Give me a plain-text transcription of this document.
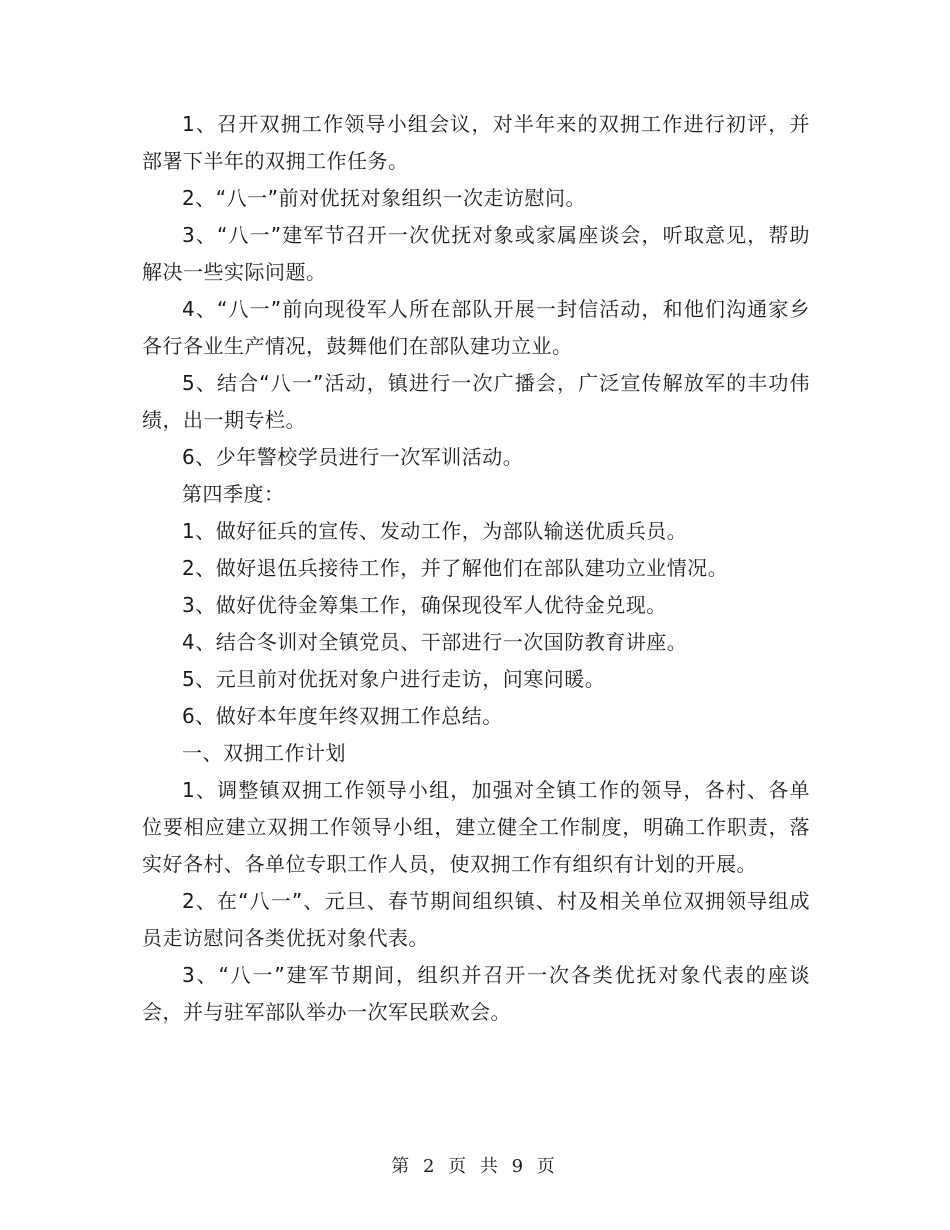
1、召开双拥工作领导小组会议，对半年来的双拥工作进行初评，并部署下半年的双拥工作任务。

2、“八一”前对优抚对象组织一次走访慰问。

3、“八一”建军节召开一次优抚对象或家属座谈会，听取意见，帮助解决一些实际问题。

4、“八一”前向现役军人所在部队开展一封信活动，和他们沟通家乡各行各业生产情况，鼓舞他们在部队建功立业。

5、结合“八一”活动，镇进行一次广播会，广泛宣传解放军的丰功伟绩，出一期专栏。

6、少年警校学员进行一次军训活动。

第四季度：

1、做好征兵的宣传、发动工作，为部队输送优质兵员。

2、做好退伍兵接待工作，并了解他们在部队建功立业情况。

3、做好优待金筹集工作，确保现役军人优待金兑现。

4、结合冬训对全镇党员、干部进行一次国防教育讲座。

5、元旦前对优抚对象户进行走访，问寒问暖。

6、做好本年度年终双拥工作总结。

一、双拥工作计划

1、调整镇双拥工作领导小组，加强对全镇工作的领导，各村、各单位要相应建立双拥工作领导小组，建立健全工作制度，明确工作职责，落实好各村、各单位专职工作人员，使双拥工作有组织有计划的开展。

2、在“八一”、元旦、春节期间组织镇、村及相关单位双拥领导组成员走访慰问各类优抚对象代表。

3、“八一”建军节期间，组织并召开一次各类优抚对象代表的座谈会，并与驻军部队举办一次军民联欢会。

第 2 页 共 9 页
